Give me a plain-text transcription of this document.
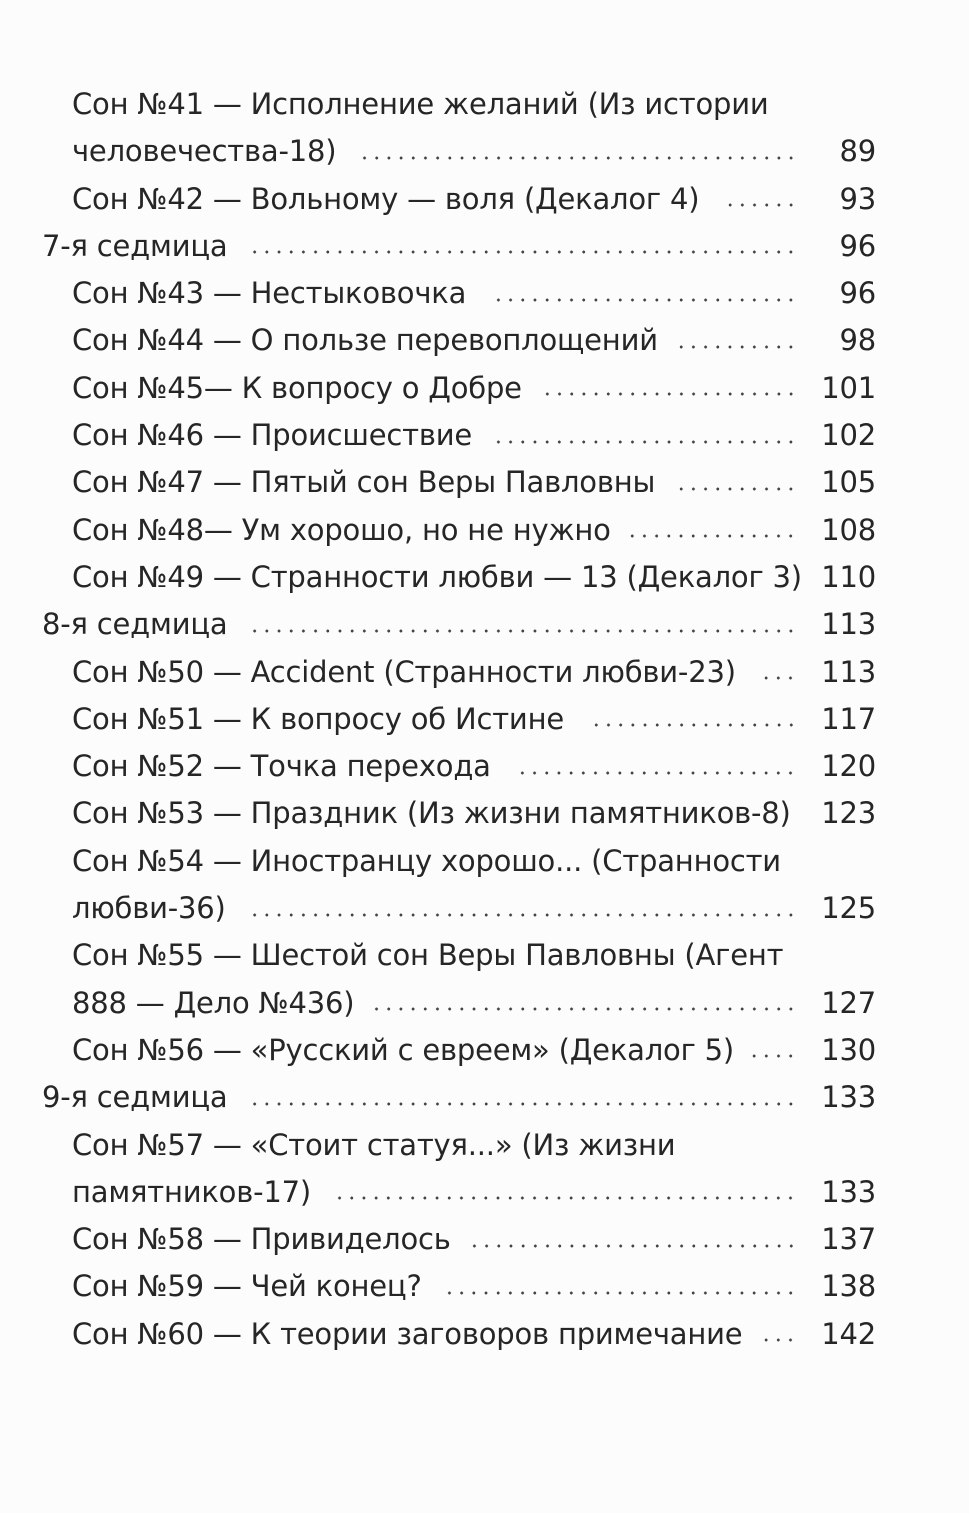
Сон №41 — Исполнение желаний (Из истории
человечества-18)	89
Сон №42 — Вольному — воля (Декалог 4)	93
7-я седмица	96
Сон №43 — Нестыковочка	96
Сон №44 — О пользе перевоплощений	98
Сон №45— К вопросу о Добре	101
Сон №46 — Происшествие	102
Сон №47 — Пятый сон Веры Павловны	105
Сон №48— Ум хорошо, но не нужно	108
Сон №49 — Странности любви — 13 (Декалог 3) 110
8-я седмица	113
Сон №50 — Accident (Странности любви-23)	113
Сон №51 — К вопросу об Истине	117
Сон №52 — Точка перехода	120
Сон №53 — Праздник (Из жизни памятников-8) 123
Сон №54 — Иностранцу хорошо... (Странности
любви-36)	125
Сон №55 — Шестой сон Веры Павловны (Агент
888 — Дело №436)	127
Сон №56 — «Русский с евреем» (Декалог 5)	130
9-я седмица	133
Сон №57 — «Стоит статуя...» (Из жизни
памятников-17)	133
Сон №58 — Привиделось	137
Сон №59 — Чей конец?	138
Сон №60 — К теории заговоров примечание	142
